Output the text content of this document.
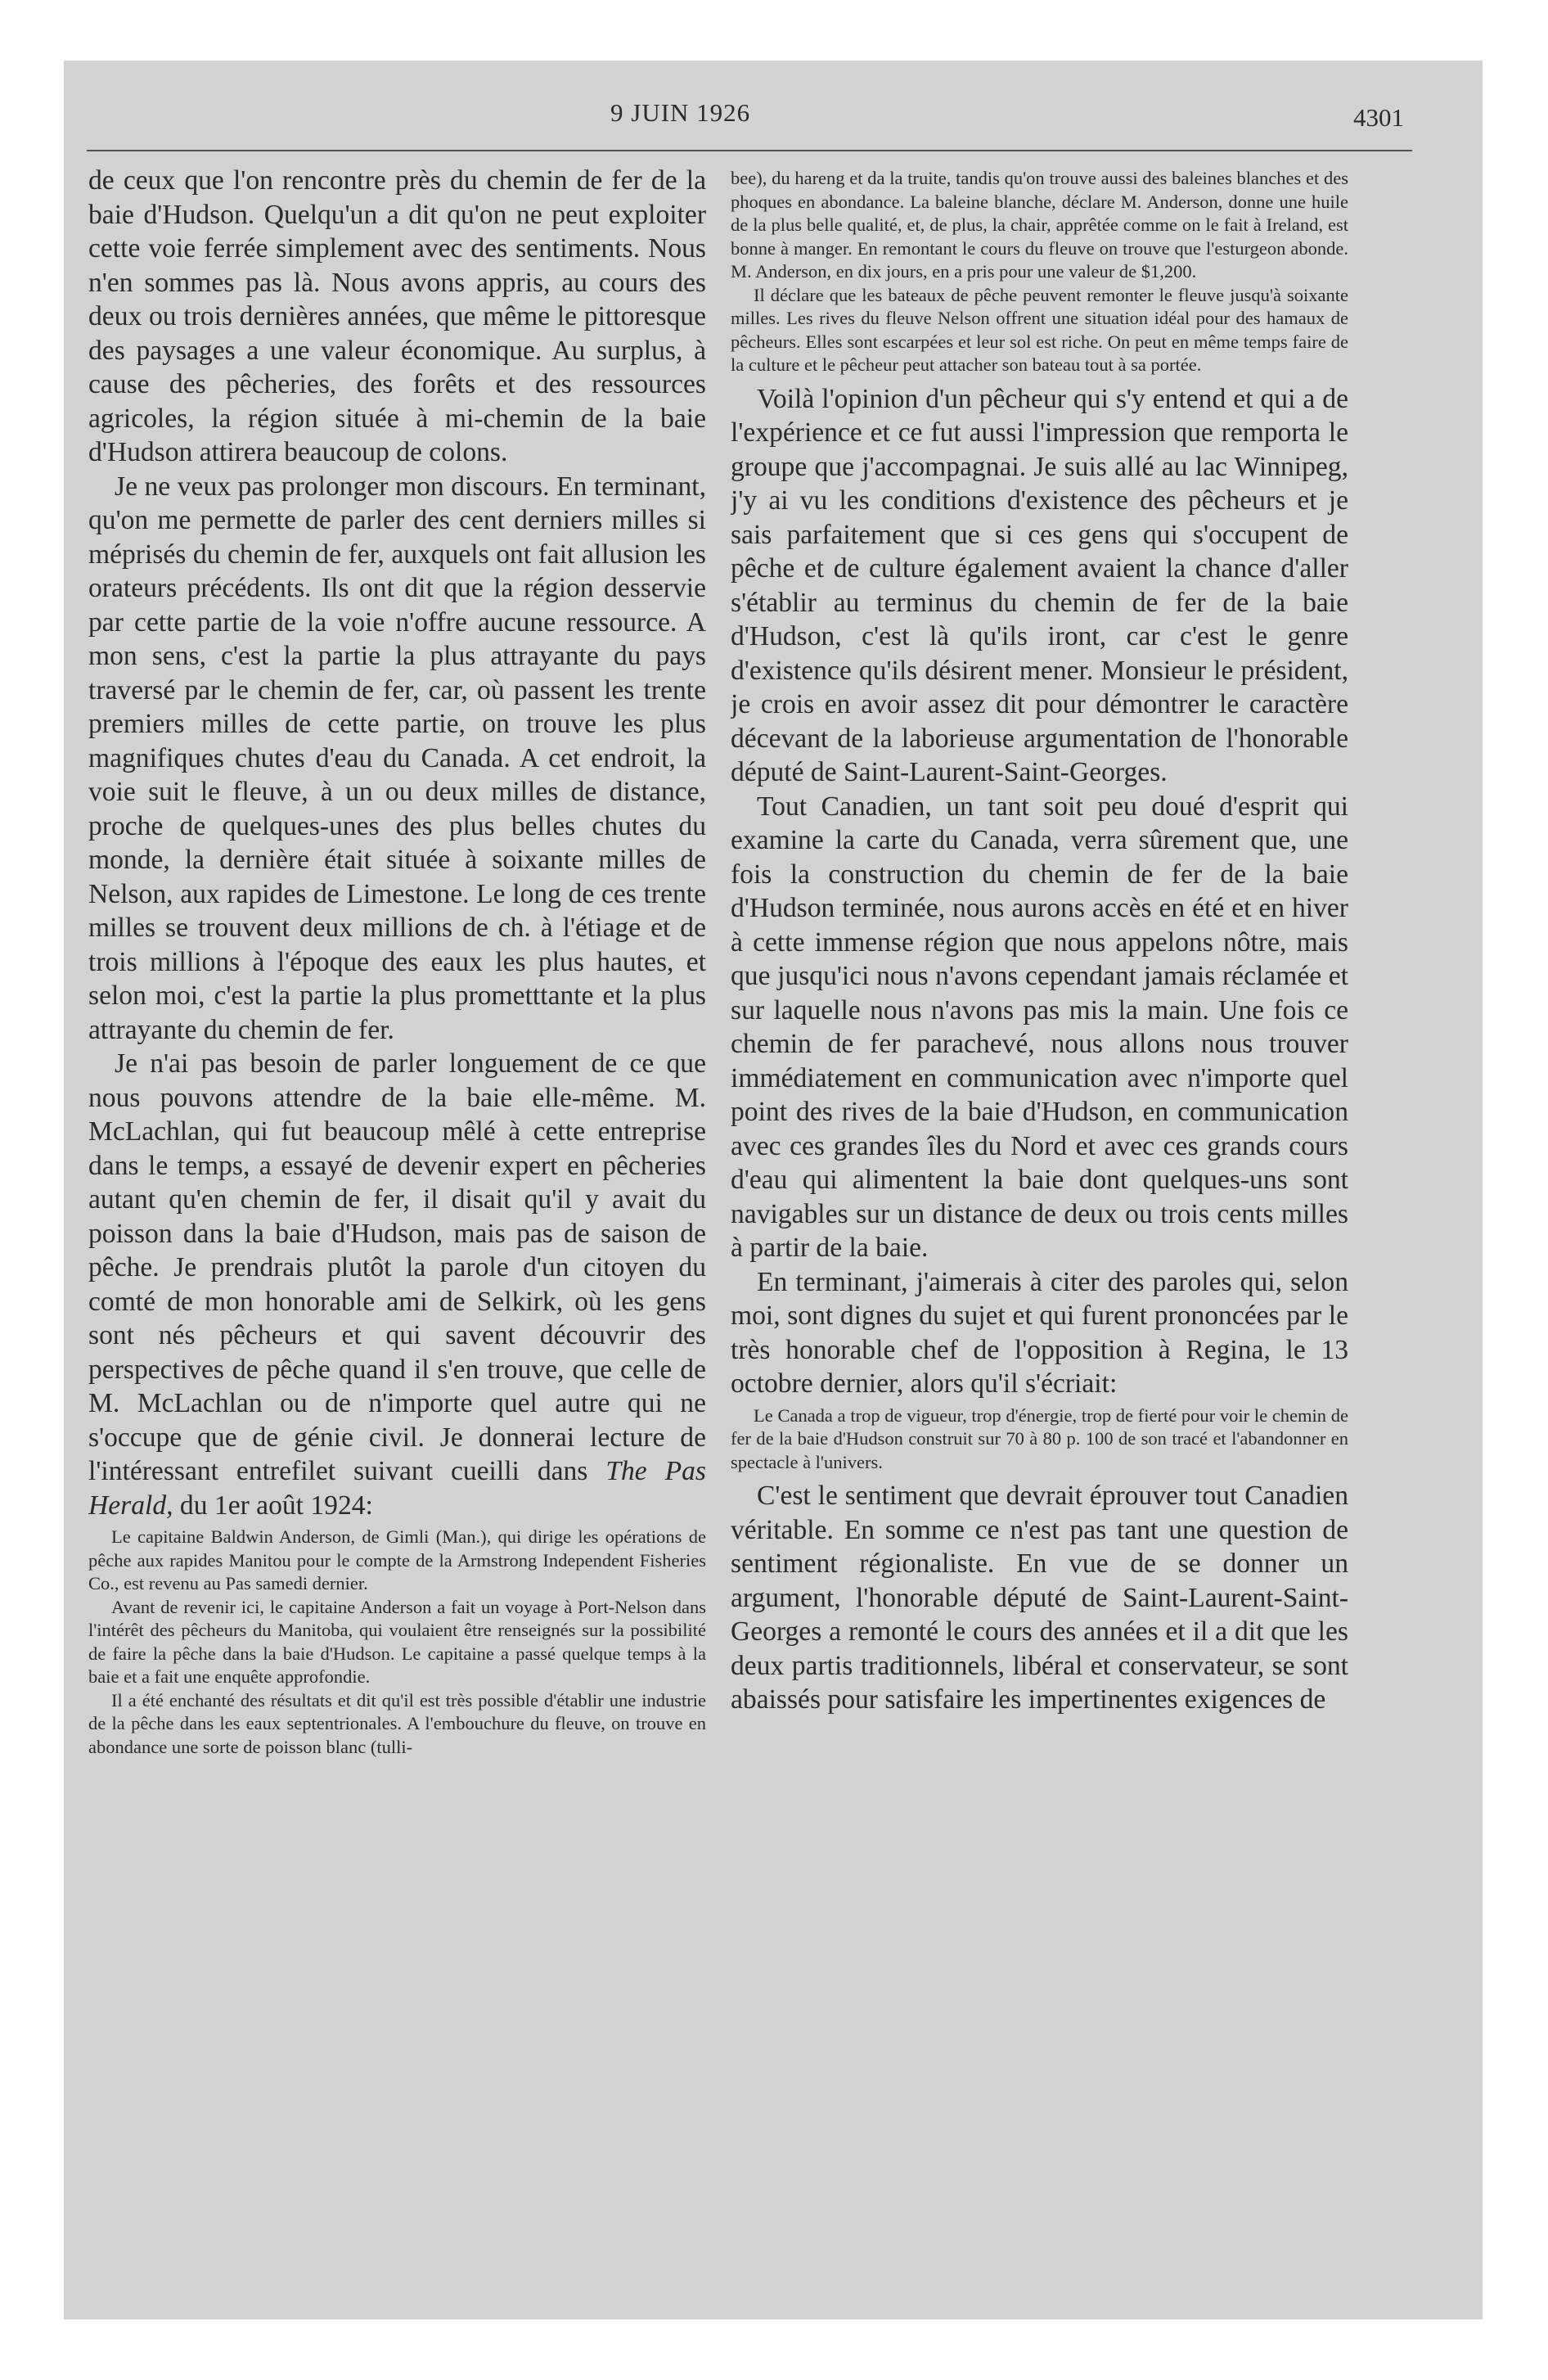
9 JUIN 1926	4301

de ceux que l'on rencontre près du chemin de fer de la baie d'Hudson. Quelqu'un a dit qu'on ne peut exploiter cette voie ferrée simplement avec des sentiments. Nous n'en sommes pas là. Nous avons appris, au cours des deux ou trois dernières années, que même le pittoresque des paysages a une valeur économique. Au surplus, à cause des pêcheries, des forêts et des ressources agricoles, la région située à mi-chemin de la baie d'Hudson attirera beaucoup de colons.

Je ne veux pas prolonger mon discours. En terminant, qu'on me permette de parler des cent derniers milles si méprisés du chemin de fer, auxquels ont fait allusion les orateurs précédents. Ils ont dit que la région desservie par cette partie de la voie n'offre aucune ressource. A mon sens, c'est la partie la plus attrayante du pays traversé par le chemin de fer, car, où passent les trente premiers milles de cette partie, on trouve les plus magnifiques chutes d'eau du Canada. A cet endroit, la voie suit le fleuve, à un ou deux milles de distance, proche de quelques-unes des plus belles chutes du monde, la dernière était située à soixante milles de Nelson, aux rapides de Limestone. Le long de ces trente milles se trouvent deux millions de ch. à l'étiage et de trois millions à l'époque des eaux les plus hautes, et selon moi, c'est la partie la plus prometttante et la plus attrayante du chemin de fer.

Je n'ai pas besoin de parler longuement de ce que nous pouvons attendre de la baie elle-même. M. McLachlan, qui fut beaucoup mêlé à cette entreprise dans le temps, a essayé de devenir expert en pêcheries autant qu'en chemin de fer, il disait qu'il y avait du poisson dans la baie d'Hudson, mais pas de saison de pêche. Je prendrais plutôt la parole d'un citoyen du comté de mon honorable ami de Selkirk, où les gens sont nés pêcheurs et qui savent découvrir des perspectives de pêche quand il s'en trouve, que celle de M. McLachlan ou de n'importe quel autre qui ne s'occupe que de génie civil. Je donnerai lecture de l'intéressant entrefilet suivant cueilli dans The Pas Herald, du 1er août 1924:

Le capitaine Baldwin Anderson, de Gimli (Man.), qui dirige les opérations de pêche aux rapides Manitou pour le compte de la Armstrong Independent Fisheries Co., est revenu au Pas samedi dernier.

Avant de revenir ici, le capitaine Anderson a fait un voyage à Port-Nelson dans l'intérêt des pêcheurs du Manitoba, qui voulaient être renseignés sur la possibilité de faire la pêche dans la baie d'Hudson. Le capitaine a passé quelque temps à la baie et a fait une enquête approfondie.

Il a été enchanté des résultats et dit qu'il est très possible d'établir une industrie de la pêche dans les eaux septentrionales. A l'embouchure du fleuve, on trouve en abondance une sorte de poisson blanc (tulli-

bee), du hareng et da la truite, tandis qu'on trouve aussi des baleines blanches et des phoques en abondance. La baleine blanche, déclare M. Anderson, donne une huile de la plus belle qualité, et, de plus, la chair, apprêtée comme on le fait à Ireland, est bonne à manger. En remontant le cours du fleuve on trouve que l'esturgeon abonde. M. Anderson, en dix jours, en a pris pour une valeur de $1,200.

Il déclare que les bateaux de pêche peuvent remonter le fleuve jusqu'à soixante milles. Les rives du fleuve Nelson offrent une situation idéal pour des hamaux de pêcheurs. Elles sont escarpées et leur sol est riche. On peut en même temps faire de la culture et le pêcheur peut attacher son bateau tout à sa portée.

Voilà l'opinion d'un pêcheur qui s'y entend et qui a de l'expérience et ce fut aussi l'impression que remporta le groupe que j'accompagnai. Je suis allé au lac Winnipeg, j'y ai vu les conditions d'existence des pêcheurs et je sais parfaitement que si ces gens qui s'occupent de pêche et de culture également avaient la chance d'aller s'établir au terminus du chemin de fer de la baie d'Hudson, c'est là qu'ils iront, car c'est le genre d'existence qu'ils désirent mener. Monsieur le président, je crois en avoir assez dit pour démontrer le caractère décevant de la laborieuse argumentation de l'honorable député de Saint-Laurent-Saint-Georges.

Tout Canadien, un tant soit peu doué d'esprit qui examine la carte du Canada, verra sûrement que, une fois la construction du chemin de fer de la baie d'Hudson terminée, nous aurons accès en été et en hiver à cette immense région que nous appelons nôtre, mais que jusqu'ici nous n'avons cependant jamais réclamée et sur laquelle nous n'avons pas mis la main. Une fois ce chemin de fer parachevé, nous allons nous trouver immédiatement en communication avec n'importe quel point des rives de la baie d'Hudson, en communication avec ces grandes îles du Nord et avec ces grands cours d'eau qui alimentent la baie dont quelques-uns sont navigables sur un distance de deux ou trois cents milles à partir de la baie.

En terminant, j'aimerais à citer des paroles qui, selon moi, sont dignes du sujet et qui furent prononcées par le très honorable chef de l'opposition à Regina, le 13 octobre dernier, alors qu'il s'écriait:

Le Canada a trop de vigueur, trop d'énergie, trop de fierté pour voir le chemin de fer de la baie d'Hudson construit sur 70 à 80 p. 100 de son tracé et l'abandonner en spectacle à l'univers.

C'est le sentiment que devrait éprouver tout Canadien véritable. En somme ce n'est pas tant une question de sentiment régionaliste. En vue de se donner un argument, l'honorable député de Saint-Laurent-Saint-Georges a remonté le cours des années et il a dit que les deux partis traditionnels, libéral et conservateur, se sont abaissés pour satisfaire les impertinentes exigences de
